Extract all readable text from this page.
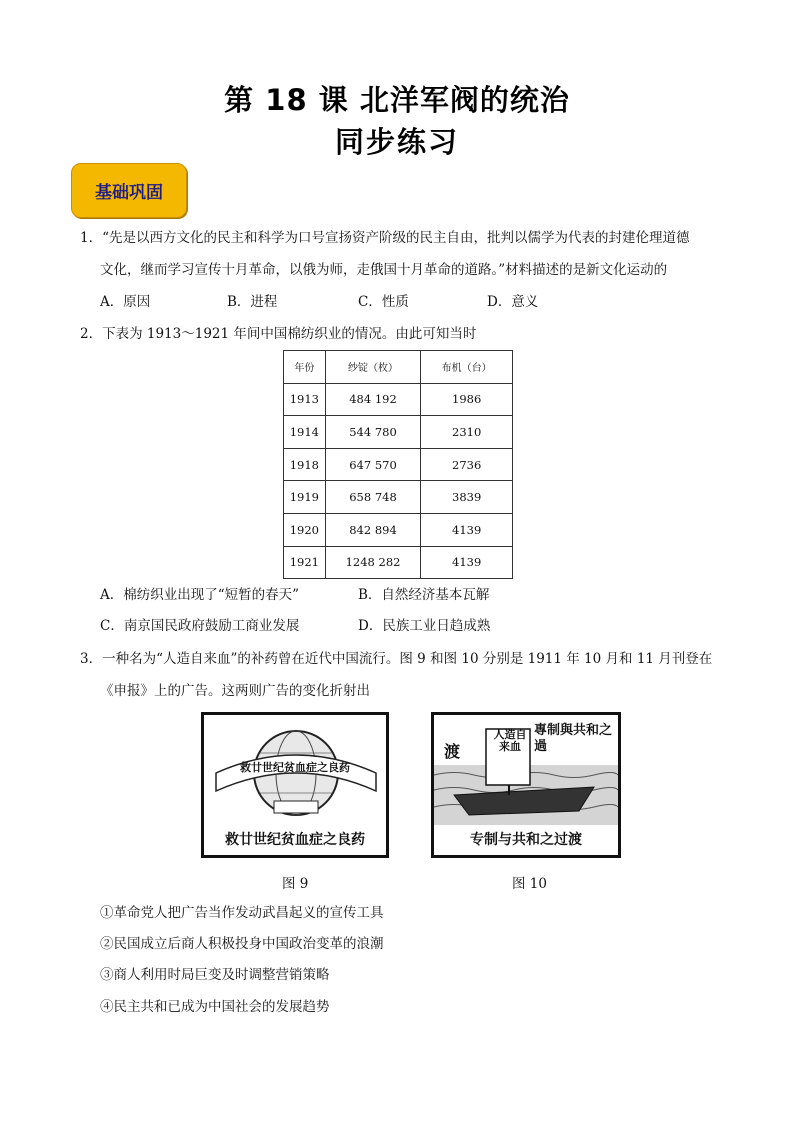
第 18 课 北洋军阀的统治
同步练习
基础巩固
1．“先是以西方文化的民主和科学为口号宣扬资产阶级的民主自由，批判以儒学为代表的封建伦理道德
文化，继而学习宣传十月革命，以俄为师，走俄国十月革命的道路。”材料描述的是新文化运动的
A．原因	B．进程	C．性质	D．意义
2．下表为 1913～1921 年间中国棉纺织业的情况。由此可知当时
年份	纱锭（枚）	布机（台）
1913	484 192	1986
1914	544 780	2310
1918	647 570	2736
1919	658 748	3839
1920	842 894	4139
1921	1248 282	4139
A．棉纺织业出现了“短暂的春天”	B．自然经济基本瓦解
C．南京国民政府鼓励工商业发展	D．民族工业日趋成熟
3．一种名为“人造自来血”的补药曾在近代中国流行。图 9 和图 10 分别是 1911 年 10 月和 11 月刊登在
《申报》上的广告。这两则广告的变化折射出
救廿世纪贫血症之良药
救廿世纪贫血症之良药
图 9
人造自来血
專制與共和之過
渡
专制与共和之过渡
图 10
①革命党人把广告当作发动武昌起义的宣传工具
②民国成立后商人积极投身中国政治变革的浪潮
③商人利用时局巨变及时调整营销策略
④民主共和已成为中国社会的发展趋势
